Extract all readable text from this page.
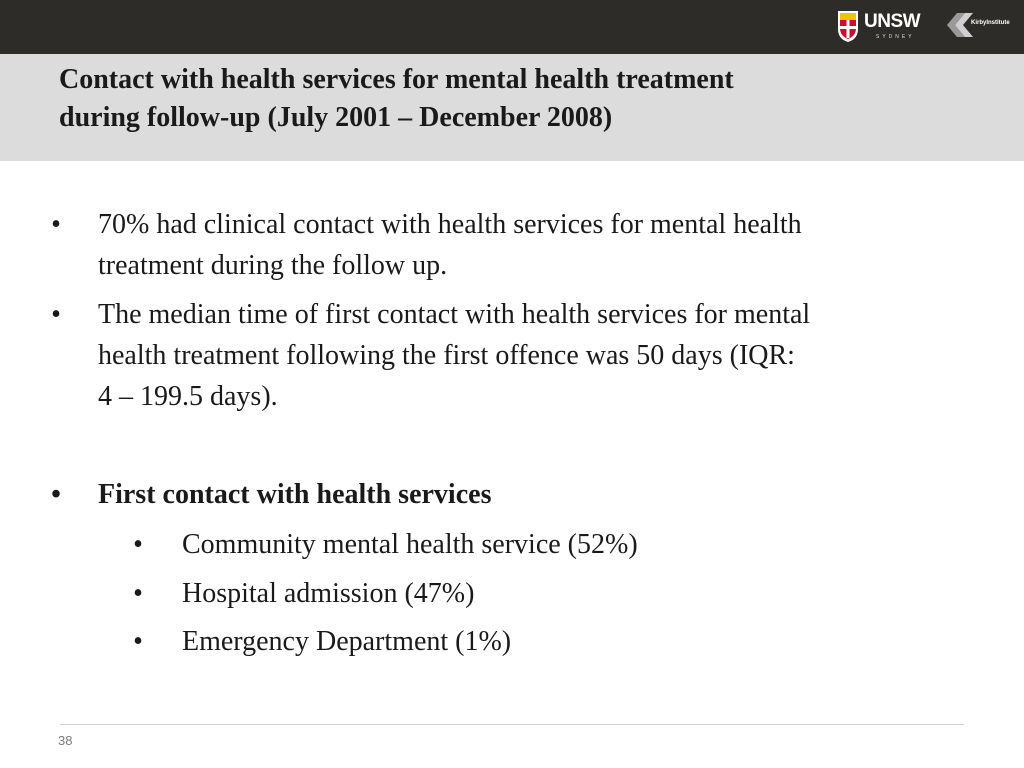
UNSW
SYDNEY
KirbyInstitute
Contact with health services for mental health treatment
during follow-up (July 2001 – December 2008)
• 70% had clinical contact with health services for mental health
treatment during the follow up.
• The median time of first contact with health services for mental
health treatment following the first offence was 50 days (IQR:
4 – 199.5 days).
• First contact with health services
• Community mental health service (52%)
• Hospital admission (47%)
• Emergency Department (1%)
38
